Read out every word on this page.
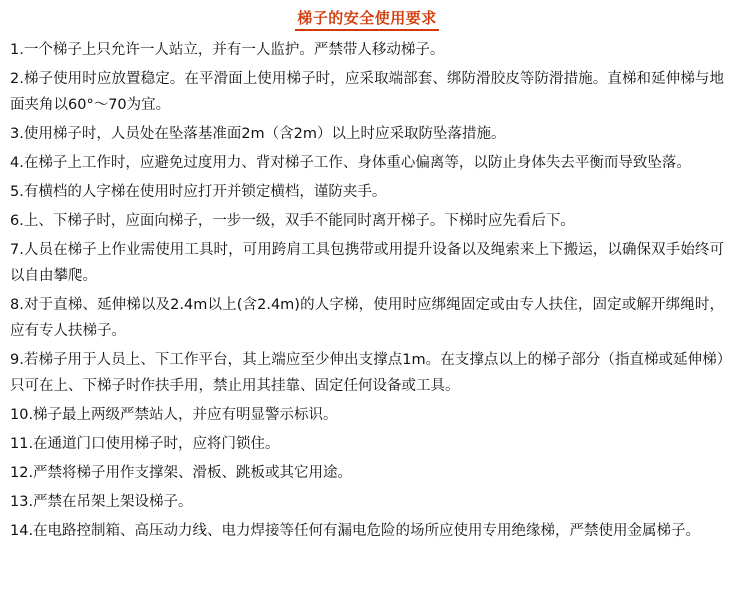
梯子的安全使用要求

1.一个梯子上只允许一人站立，并有一人监护。严禁带人移动梯子。

2.梯子使用时应放置稳定。在平滑面上使用梯子时，应采取端部套、绑防滑胶皮等防滑措施。直梯和延伸梯与地面夹角以60°～70为宜。

3.使用梯子时，人员处在坠落基准面2m（含2m）以上时应采取防坠落措施。

4.在梯子上工作时，应避免过度用力、背对梯子工作、身体重心偏离等，以防止身体失去平衡而导致坠落。

5.有横档的人字梯在使用时应打开并锁定横档，谨防夹手。

6.上、下梯子时，应面向梯子，一步一级，双手不能同时离开梯子。下梯时应先看后下。

7.人员在梯子上作业需使用工具时，可用跨肩工具包携带或用提升设备以及绳索来上下搬运，以确保双手始终可以自由攀爬。

8.对于直梯、延伸梯以及2.4m以上(含2.4m)的人字梯，使用时应绑绳固定或由专人扶住，固定或解开绑绳时，应有专人扶梯子。

9.若梯子用于人员上、下工作平台，其上端应至少伸出支撑点1m。在支撑点以上的梯子部分（指直梯或延伸梯）只可在上、下梯子时作扶手用，禁止用其挂靠、固定任何设备或工具。

10.梯子最上两级严禁站人，并应有明显警示标识。

11.在通道门口使用梯子时，应将门锁住。

12.严禁将梯子用作支撑架、滑板、跳板或其它用途。

13.严禁在吊架上架设梯子。

14.在电路控制箱、高压动力线、电力焊接等任何有漏电危险的场所应使用专用绝缘梯，严禁使用金属梯子。
